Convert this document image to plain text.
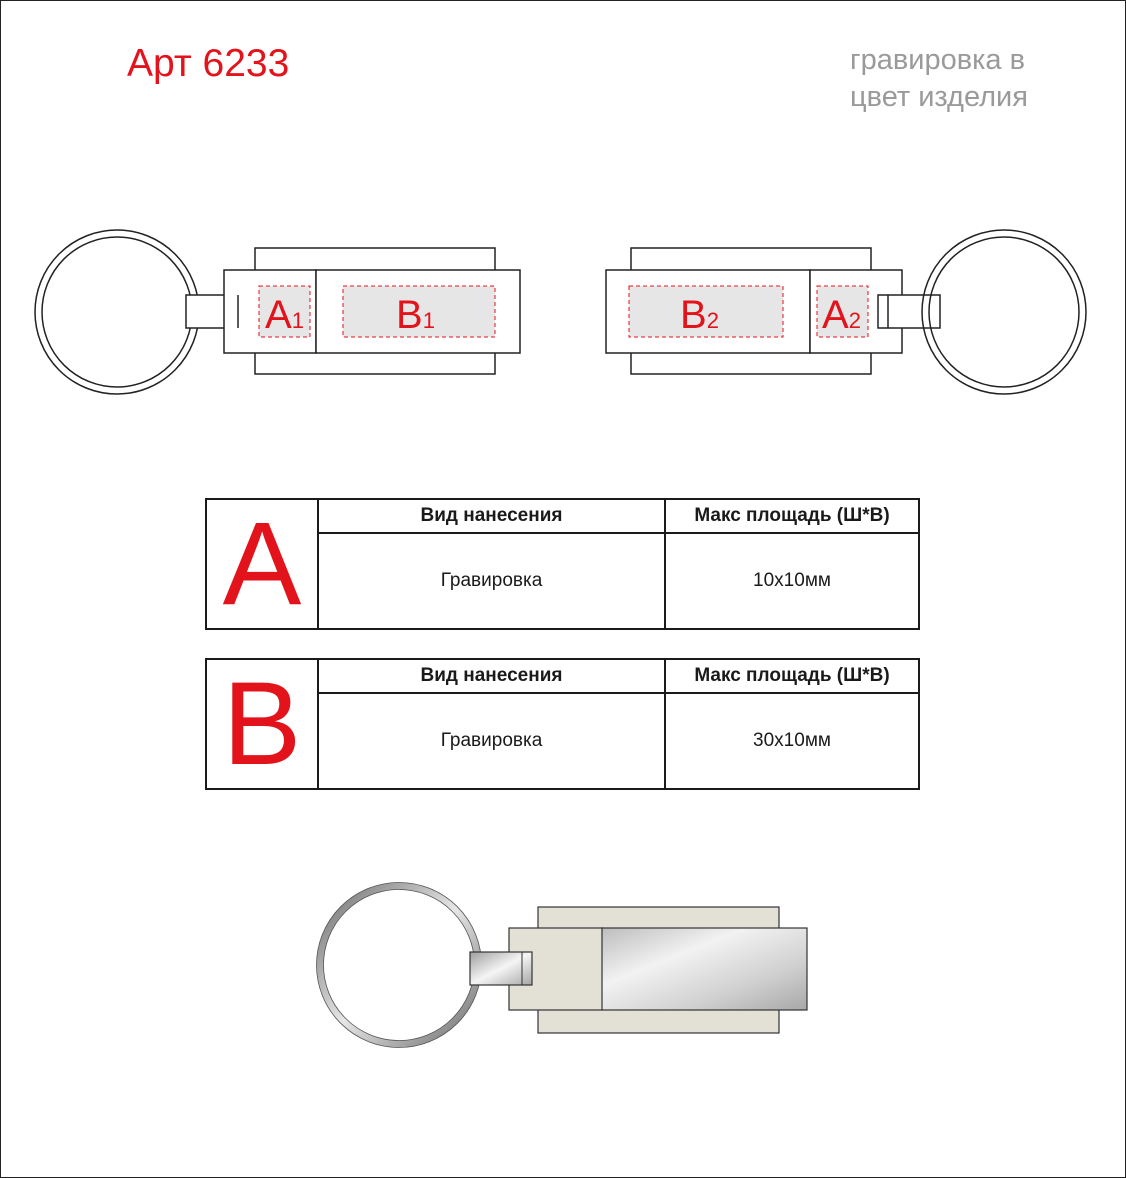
Арт 6233	гравировка в
цвет изделия
A1 B1	B2	A2
A	Вид нанесения	Макс площадь (Ш*В)
	Гравировка	10x10мм
B	Вид нанесения	Макс площадь (Ш*В)
	Гравировка	30x10мм
